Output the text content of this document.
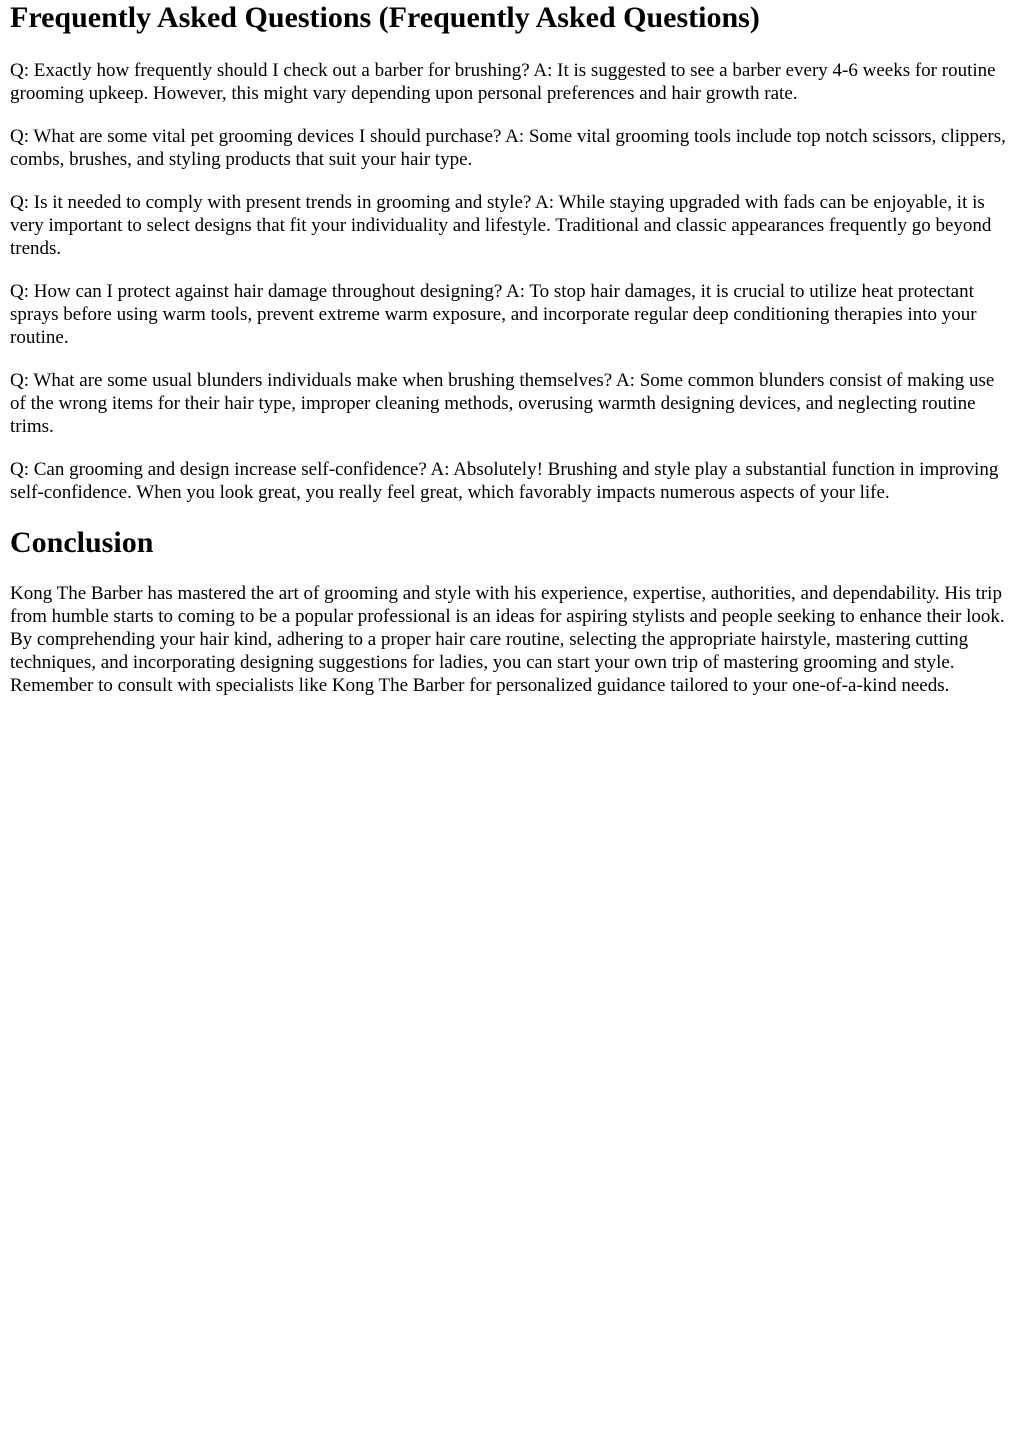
Frequently Asked Questions (Frequently Asked Questions)

Q: Exactly how frequently should I check out a barber for brushing? A: It is suggested to see a barber every 4-6 weeks for routine grooming upkeep. However, this might vary depending upon personal preferences and hair growth rate.

Q: What are some vital pet grooming devices I should purchase? A: Some vital grooming tools include top notch scissors, clippers, combs, brushes, and styling products that suit your hair type.

Q: Is it needed to comply with present trends in grooming and style? A: While staying upgraded with fads can be enjoyable, it is very important to select designs that fit your individuality and lifestyle. Traditional and classic appearances frequently go beyond trends.

Q: How can I protect against hair damage throughout designing? A: To stop hair damages, it is crucial to utilize heat protectant sprays before using warm tools, prevent extreme warm exposure, and incorporate regular deep conditioning therapies into your routine.

Q: What are some usual blunders individuals make when brushing themselves? A: Some common blunders consist of making use of the wrong items for their hair type, improper cleaning methods, overusing warmth designing devices, and neglecting routine trims.

Q: Can grooming and design increase self-confidence? A: Absolutely! Brushing and style play a substantial function in improving self-confidence. When you look great, you really feel great, which favorably impacts numerous aspects of your life.

Conclusion

Kong The Barber has mastered the art of grooming and style with his experience, expertise, authorities, and dependability. His trip from humble starts to coming to be a popular professional is an ideas for aspiring stylists and people seeking to enhance their look. By comprehending your hair kind, adhering to a proper hair care routine, selecting the appropriate hairstyle, mastering cutting techniques, and incorporating designing suggestions for ladies, you can start your own trip of mastering grooming and style. Remember to consult with specialists like Kong The Barber for personalized guidance tailored to your one-of-a-kind needs.
